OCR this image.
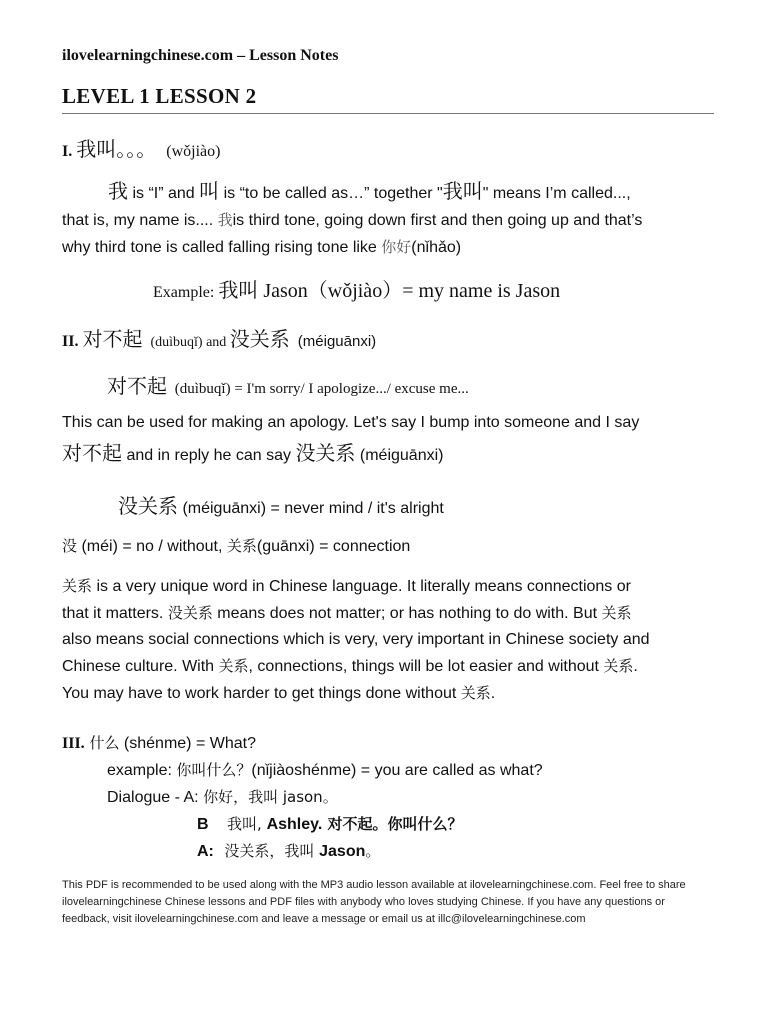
ilovelearningchinese.com – Lesson Notes
LEVEL 1 LESSON 2
I. 我叫。。。 (wǒjiào)
我 is “I” and 叫 is “to be called as…” together "我叫" means I’m called...,
that is, my name is.... 我is third tone, going down first and then going up and that’s
why third tone is called falling rising tone like 你好(nǐhǎo)
Example: 我叫 Jason（wǒjiào）= my name is Jason
II. 对不起 (duìbuqǐ) and 没关系 (méiguānxi)
对不起 (duìbuqǐ) = I'm sorry/ I apologize.../ excuse me...
This can be used for making an apology. Let's say I bump into someone and I say
对不起 and in reply he can say 没关系 (méiguānxi)
没关系 (méiguānxi) = never mind / it's alright
没 (méi) = no / without, 关系(guānxi) = connection
关系 is a very unique word in Chinese language. It literally means connections or
that it matters. 没关系 means does not matter; or has nothing to do with. But 关系
also means social connections which is very, very important in Chinese society and
Chinese culture. With 关系, connections, things will be lot easier and without 关系.
You may have to work harder to get things done without 关系.
III. 什么 (shénme) = What?
example: 你叫什么？(nǐjiàoshénme) = you are called as what?
Dialogue - A: 你好，我叫 jason。
B 我叫, Ashley. 对不起。你叫什么？
A: 没关系，我叫 Jason。
This PDF is recommended to be used along with the MP3 audio lesson available at ilovelearningchinese.com. Feel free to share
ilovelearningchinese Chinese lessons and PDF files with anybody who loves studying Chinese. If you have any questions or
feedback, visit ilovelearningchinese.com and leave a message or email us at illc@ilovelearningchinese.com
